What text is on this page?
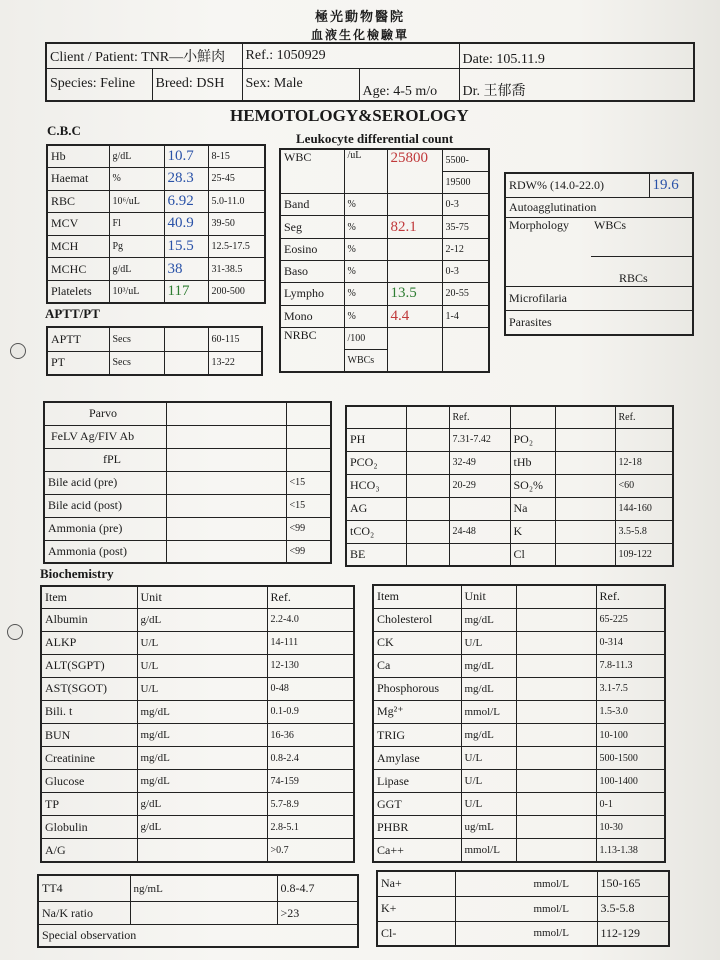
極光動物醫院
血液生化檢驗單
Client / Patient: TNR—小鮮肉		Ref.: 1050929		Date: 105.11.9
Species: Feline	Breed: DSH	Sex: Male	Age: 4-5 m/o	Dr. 王郁喬
HEMOTOLOGY&SEROLOGY
C.B.C
Hb	g/dL	10.7	8-15
Haemat	%	28.3	25-45
RBC	10⁶/uL	6.92	5.0-11.0
MCV	Fl	40.9	39-50
MCH	Pg	15.5	12.5-17.5
MCHC	g/dL	38	31-38.5
Platelets	10³/uL	117	200-500
APTT/PT
APTT	Secs		60-115
PT	Secs		13-22
Leukocyte differential count
WBC	/uL	25800	5500-
			19500
Band	%		0-3
Seg	%	82.1	35-75
Eosino	%		2-12
Baso	%		0-3
Lympho	%	13.5	20-55
Mono	%	4.4	1-4
NRBC	/100		
	WBCs		
RDW% (14.0-22.0)		19.6
Autoagglutination		
Morphology	WBCs	
	RBCs	
Microfilaria		
Parasites		
Parvo		
FeLV Ag/FIV Ab		
fPL		
Bile acid (pre)		<15
Bile acid (post)		<15
Ammonia (pre)		<99
Ammonia (post)		<99
		Ref.			Ref.
PH		7.31-7.42	PO₂		
PCO₂		32-49	tHb		12-18
HCO₃		20-29	SO₂%		<60
AG			Na		144-160
tCO₂		24-48	K		3.5-5.8
BE			Cl		109-122
Biochemistry
Item	Unit	Ref.
Albumin	g/dL	2.2-4.0
ALKP	U/L	14-111
ALT(SGPT)	U/L	12-130
AST(SGOT)	U/L	0-48
Bili. t	mg/dL	0.1-0.9
BUN	mg/dL	16-36
Creatinine	mg/dL	0.8-2.4
Glucose	mg/dL	74-159
TP	g/dL	5.7-8.9
Globulin	g/dL	2.8-5.1
A/G		>0.7
Item	Unit		Ref.
Cholesterol	mg/dL		65-225
CK	U/L		0-314
Ca	mg/dL		7.8-11.3
Phosphorous	mg/dL		3.1-7.5
Mg²⁺	mmol/L		1.5-3.0
TRIG	mg/dL		10-100
Amylase	U/L		500-1500
Lipase	U/L		100-1400
GGT	U/L		0-1
PHBR	ug/mL		10-30
Ca++	mmol/L		1.13-1.38
TT4	ng/mL	0.8-4.7
Na/K ratio		>23
Special observation		
Na+	mmol/L	150-165
K+	mmol/L	3.5-5.8
Cl-	mmol/L	112-129
